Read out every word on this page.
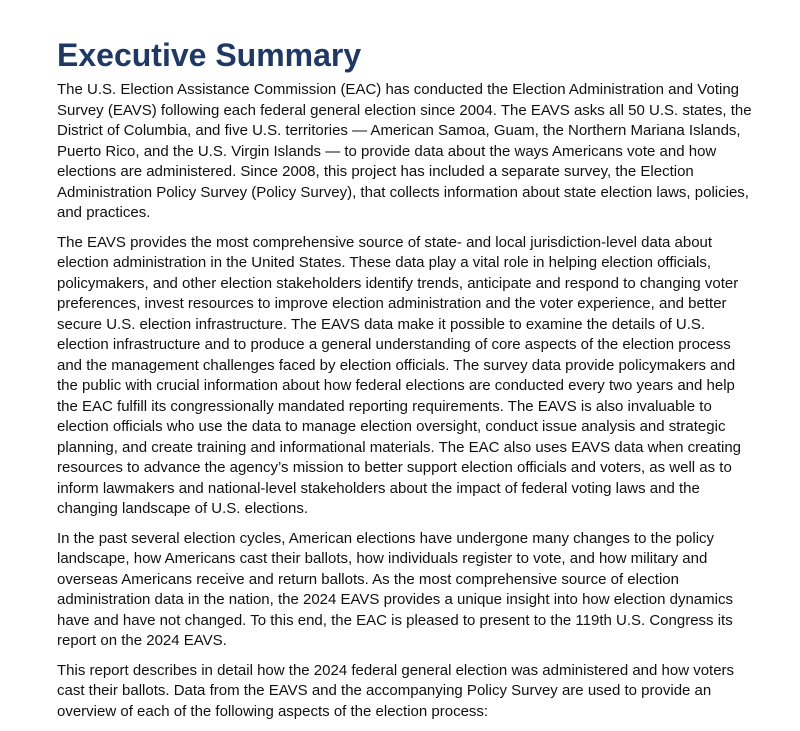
Executive Summary

The U.S. Election Assistance Commission (EAC) has conducted the Election Administration and Voting Survey (EAVS) following each federal general election since 2004. The EAVS asks all 50 U.S. states, the District of Columbia, and five U.S. territories — American Samoa, Guam, the Northern Mariana Islands, Puerto Rico, and the U.S. Virgin Islands — to provide data about the ways Americans vote and how elections are administered. Since 2008, this project has included a separate survey, the Election Administration Policy Survey (Policy Survey), that collects information about state election laws, policies, and practices.

The EAVS provides the most comprehensive source of state- and local jurisdiction-level data about election administration in the United States. These data play a vital role in helping election officials, policymakers, and other election stakeholders identify trends, anticipate and respond to changing voter preferences, invest resources to improve election administration and the voter experience, and better secure U.S. election infrastructure. The EAVS data make it possible to examine the details of U.S. election infrastructure and to produce a general understanding of core aspects of the election process and the management challenges faced by election officials. The survey data provide policymakers and the public with crucial information about how federal elections are conducted every two years and help the EAC fulfill its congressionally mandated reporting requirements. The EAVS is also invaluable to election officials who use the data to manage election oversight, conduct issue analysis and strategic planning, and create training and informational materials. The EAC also uses EAVS data when creating resources to advance the agency’s mission to better support election officials and voters, as well as to inform lawmakers and national-level stakeholders about the impact of federal voting laws and the changing landscape of U.S. elections.

In the past several election cycles, American elections have undergone many changes to the policy landscape, how Americans cast their ballots, how individuals register to vote, and how military and overseas Americans receive and return ballots. As the most comprehensive source of election administration data in the nation, the 2024 EAVS provides a unique insight into how election dynamics have and have not changed. To this end, the EAC is pleased to present to the 119th U.S. Congress its report on the 2024 EAVS.

This report describes in detail how the 2024 federal general election was administered and how voters cast their ballots. Data from the EAVS and the accompanying Policy Survey are used to provide an overview of each of the following aspects of the election process:
